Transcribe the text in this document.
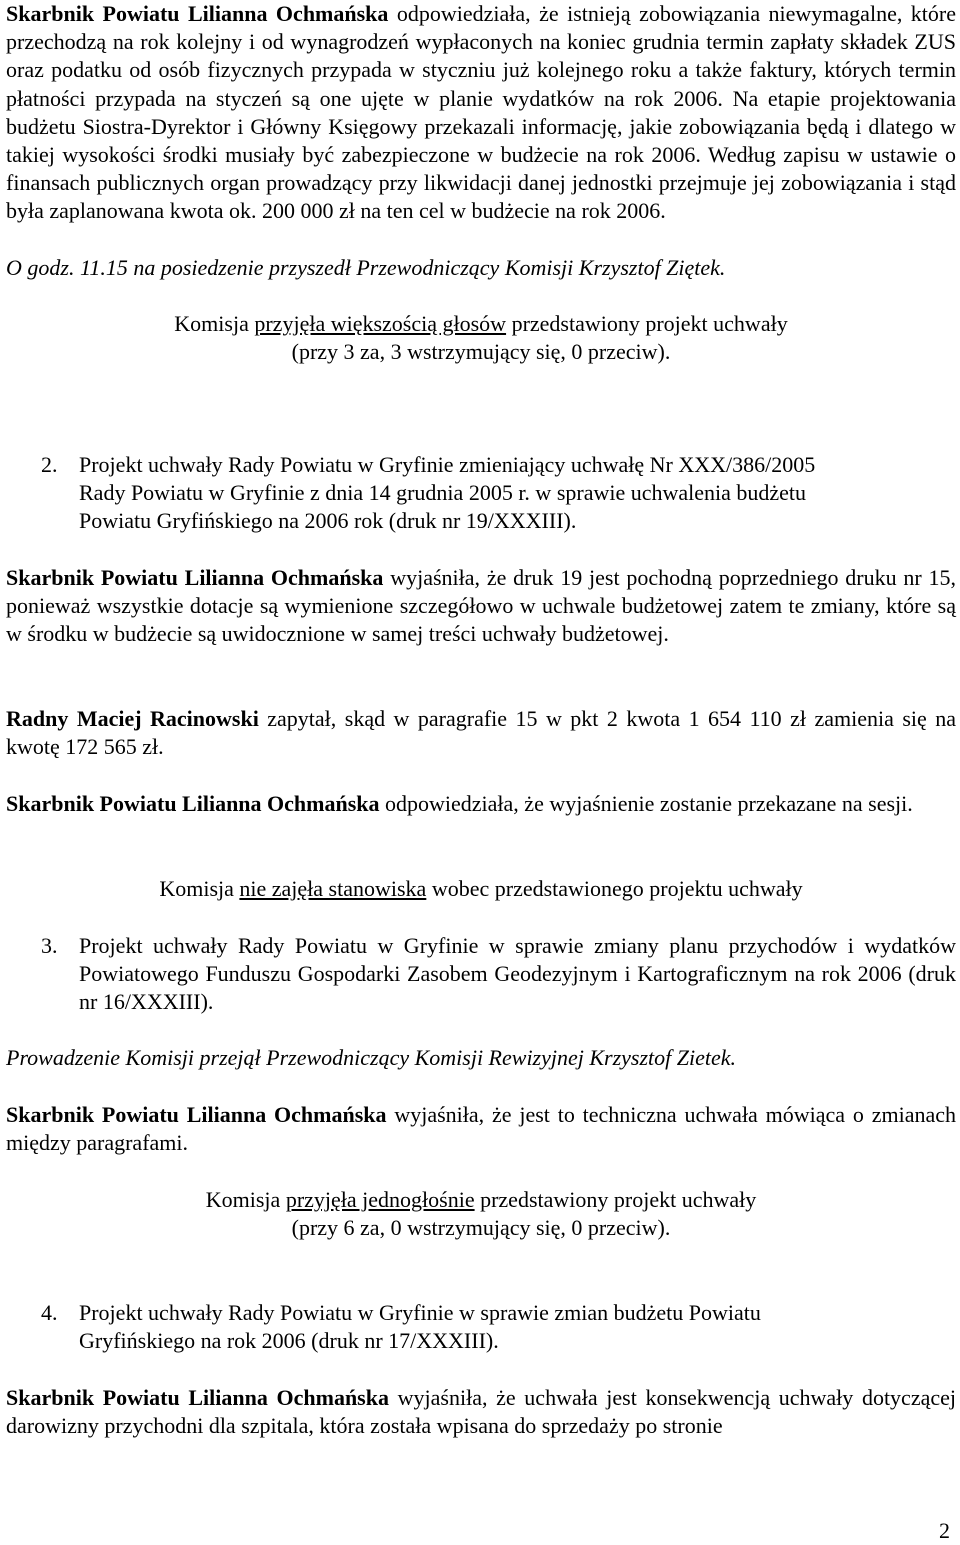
Skarbnik Powiatu Lilianna Ochmańska odpowiedziała, że istnieją zobowiązania niewymagalne, które przechodzą na rok kolejny i od wynagrodzeń wypłaconych na koniec grudnia termin zapłaty składek ZUS oraz podatku od osób fizycznych przypada w styczniu już kolejnego roku a także faktury, których termin płatności przypada na styczeń są one ujęte w planie wydatków na rok 2006. Na etapie projektowania budżetu Siostra-Dyrektor i Główny Księgowy przekazali informację, jakie zobowiązania będą i dlatego w takiej wysokości środki musiały być zabezpieczone w budżecie na rok 2006. Według zapisu w ustawie o finansach publicznych organ prowadzący przy likwidacji danej jednostki przejmuje jej zobowiązania i stąd była zaplanowana kwota ok. 200 000 zł na ten cel w budżecie na rok 2006.

O godz. 11.15 na posiedzenie przyszedł Przewodniczący Komisji Krzysztof Ziętek.

Komisja przyjęła większością głosów przedstawiony projekt uchwały

(przy 3 za, 3 wstrzymujący się, 0 przeciw).

2. Projekt uchwały Rady Powiatu w Gryfinie zmieniający uchwałę Nr XXX/386/2005

Rady Powiatu w Gryfinie z dnia 14 grudnia 2005 r. w sprawie uchwalenia budżetu

Powiatu Gryfińskiego na 2006 rok (druk nr 19/XXXIII).

Skarbnik Powiatu Lilianna Ochmańska wyjaśniła, że druk 19 jest pochodną poprzedniego druku nr 15, ponieważ wszystkie dotacje są wymienione szczegółowo w uchwale budżetowej zatem te zmiany, które są w środku w budżecie są uwidocznione w samej treści uchwały budżetowej.

Radny Maciej Racinowski zapytał, skąd w paragrafie 15 w pkt 2 kwota 1 654 110 zł zamienia się na kwotę 172 565 zł.

Skarbnik Powiatu Lilianna Ochmańska odpowiedziała, że wyjaśnienie zostanie przekazane na sesji.

Komisja nie zajęła stanowiska wobec przedstawionego projektu uchwały

3. Projekt uchwały Rady Powiatu w Gryfinie w sprawie zmiany planu przychodów i wydatków Powiatowego Funduszu Gospodarki Zasobem Geodezyjnym i Kartograficznym na rok 2006 (druk nr 16/XXXIII).

Prowadzenie Komisji przejął Przewodniczący Komisji Rewizyjnej Krzysztof Zietek.

Skarbnik Powiatu Lilianna Ochmańska wyjaśniła, że jest to techniczna uchwała mówiąca o zmianach między paragrafami.

Komisja przyjęła jednogłośnie przedstawiony projekt uchwały

(przy 6 za, 0 wstrzymujący się, 0 przeciw).

4. Projekt uchwały Rady Powiatu w Gryfinie w sprawie zmian budżetu Powiatu

Gryfińskiego na rok 2006 (druk nr 17/XXXIII).

Skarbnik Powiatu Lilianna Ochmańska wyjaśniła, że uchwała jest konsekwencją uchwały dotyczącej darowizny przychodni dla szpitala, która została wpisana do sprzedaży po stronie

2
